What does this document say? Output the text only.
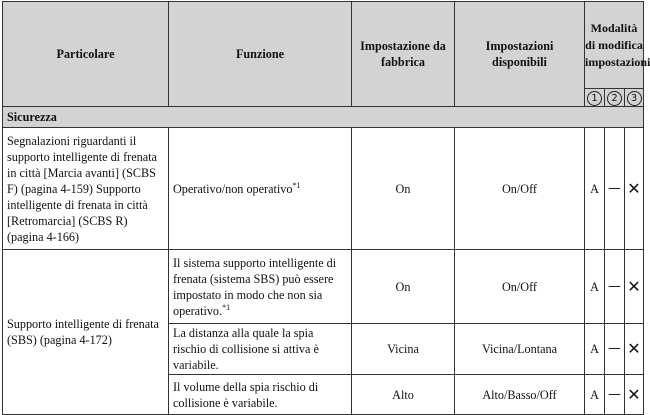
Particolare	Funzione	Impostazione da fabbrica	Impostazioni disponibili	Modalità di modifica impostazioni		
				1	2	3
Sicurezza						
Segnalazioni riguardanti il supporto intelligente di frenata in città [Marcia avanti] (SCBS F) (pagina 4-159) Supporto intelligente di frenata in città [Retromarcia] (SCBS R) (pagina 4-166)	Operativo/non operativo$^{*1}$	On	On/Off	A	—	✕
Supporto intelligente di frenata (SBS) (pagina 4-172)	Il sistema supporto intelligente di frenata (sistema SBS) può essere impostato in modo che non sia operativo.$^{*1}$	On	On/Off	A	—	✕
	La distanza alla quale la spia rischio di collisione si attiva è variabile.	Vicina	Vicina/Lontana	A	—	✕
	Il volume della spia rischio di collisione è variabile.	Alto	Alto/Basso/Off	A	—	✕
